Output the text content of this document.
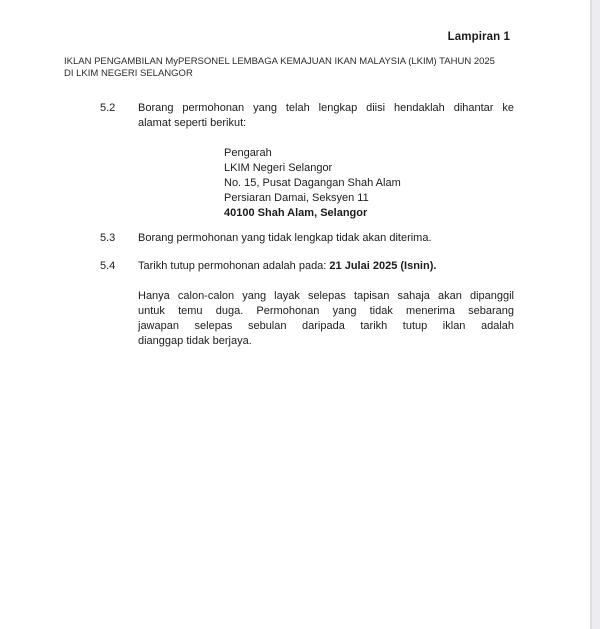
Lampiran 1
IKLAN PENGAMBILAN MyPERSONEL LEMBAGA KEMAJUAN IKAN MALAYSIA (LKIM) TAHUN 2025
DI LKIM NEGERI SELANGOR
5.2	Borang permohonan yang telah lengkap diisi hendaklah dihantar ke
alamat seperti berikut:
Pengarah
LKIM Negeri Selangor
No. 15, Pusat Dagangan Shah Alam
Persiaran Damai, Seksyen 11
40100 Shah Alam, Selangor
5.3	Borang permohonan yang tidak lengkap tidak akan diterima.
5.4	Tarikh tutup permohonan adalah pada: 21 Julai 2025 (Isnin).
Hanya calon-calon yang layak selepas tapisan sahaja akan dipanggil
untuk temu duga. Permohonan yang tidak menerima sebarang
jawapan selepas sebulan daripada tarikh tutup iklan adalah
dianggap tidak berjaya.
